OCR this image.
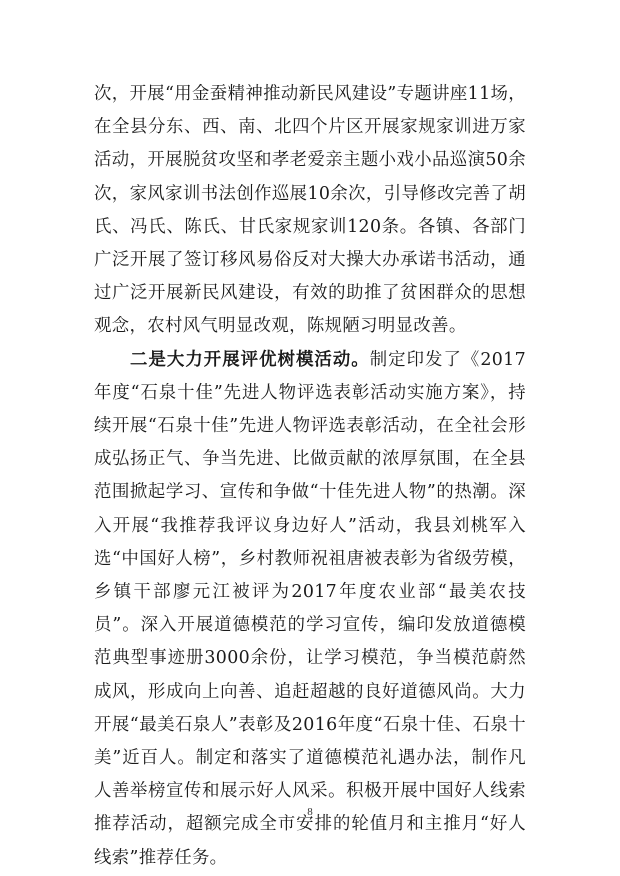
次，开展“用金蚕精神推动新民风建设”专题讲座11场，在全县分东、西、南、北四个片区开展家规家训进万家活动，开展脱贫攻坚和孝老爱亲主题小戏小品巡演50余次，家风家训书法创作巡展10余次，引导修改完善了胡氏、冯氏、陈氏、甘氏家规家训120条。各镇、各部门广泛开展了签订移风易俗反对大操大办承诺书活动，通过广泛开展新民风建设，有效的助推了贫困群众的思想观念，农村风气明显改观，陈规陋习明显改善。

二是大力开展评优树模活动。制定印发了《2017年度“石泉十佳”先进人物评选表彰活动实施方案》，持续开展“石泉十佳”先进人物评选表彰活动，在全社会形成弘扬正气、争当先进、比做贡献的浓厚氛围，在全县范围掀起学习、宣传和争做“十佳先进人物”的热潮。深入开展“我推荐我评议身边好人”活动，我县刘桃军入选“中国好人榜”，乡村教师祝祖唐被表彰为省级劳模，乡镇干部廖元江被评为2017年度农业部“最美农技员”。深入开展道德模范的学习宣传，编印发放道德模范典型事迹册3000余份，让学习模范，争当模范蔚然成风，形成向上向善、追赶超越的良好道德风尚。大力开展“最美石泉人”表彰及2016年度“石泉十佳、石泉十美”近百人。制定和落实了道德模范礼遇办法，制作凡人善举榜宣传和展示好人风采。积极开展中国好人线索推荐活动，超额完成全市安排的轮值月和主推月“好人线索”推荐任务。

8
